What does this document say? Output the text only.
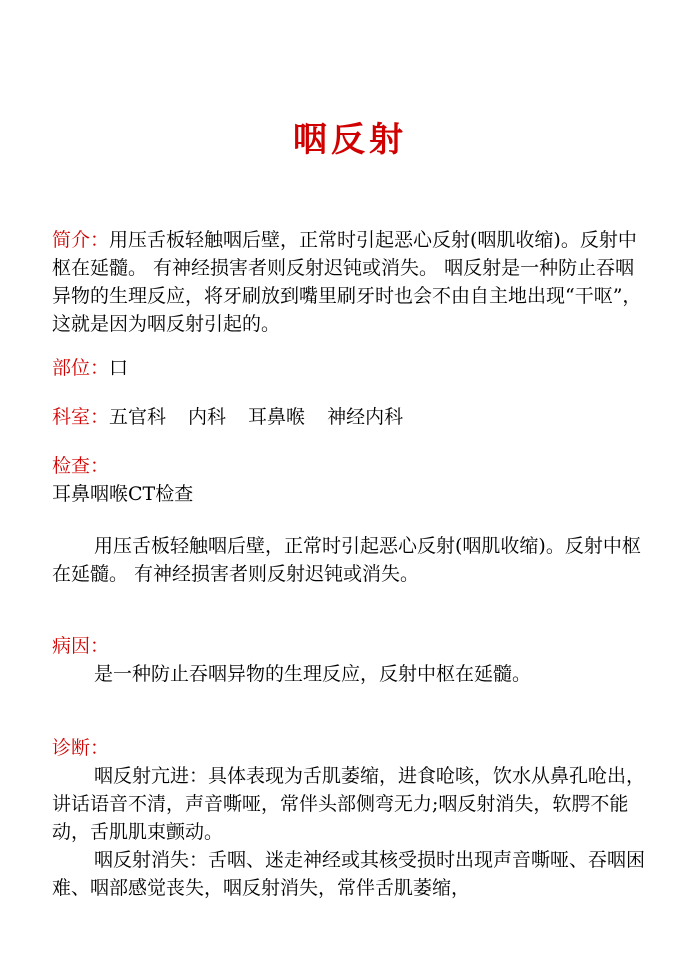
咽反射
简介：用压舌板轻触咽后壁，正常时引起恶心反射(咽肌收缩)。反射中枢在延髓。 有神经损害者则反射迟钝或消失。 咽反射是一种防止吞咽异物的生理反应，将牙刷放到嘴里刷牙时也会不由自主地出现“干呕”，这就是因为咽反射引起的。
部位：口
科室：五官科 内科 耳鼻喉 神经内科
检查：
耳鼻咽喉CT检查
用压舌板轻触咽后壁，正常时引起恶心反射(咽肌收缩)。反射中枢在延髓。 有神经损害者则反射迟钝或消失。
病因：
是一种防止吞咽异物的生理反应，反射中枢在延髓。
诊断：
咽反射亢进：具体表现为舌肌萎缩，进食呛咳，饮水从鼻孔呛出，讲话语音不清，声音嘶哑，常伴头部侧弯无力;咽反射消失，软腭不能动，舌肌肌束颤动。
咽反射消失：舌咽、迷走神经或其核受损时出现声音嘶哑、吞咽困难、咽部感觉丧失，咽反射消失，常伴舌肌萎缩，
